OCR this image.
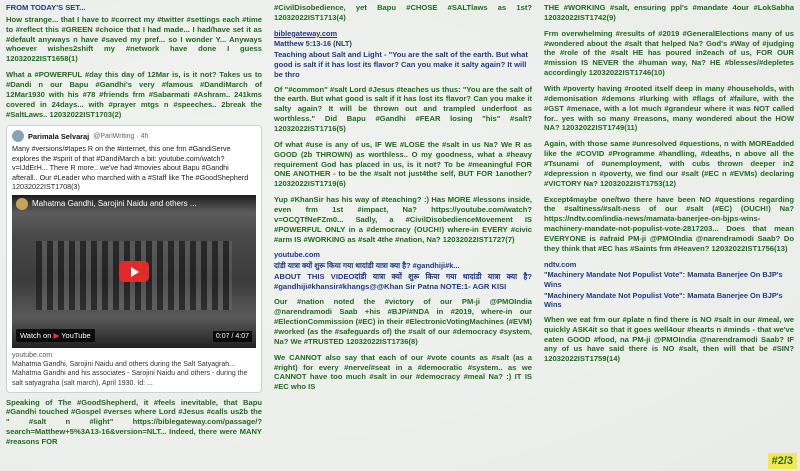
FROM TODAY'S SET...

How strange... that I have to #correct my #twitter #settings each #time to #reflect this #GREEN #choice that I had made... I had/have set it as #default anyways n have #saved my pref... so I wonder Y... Anyways whoever wishes2shift my #network have done I guess 12032022IST1658(1)

What a #POWERFUL #day this day of 12Mar is, is it not? Takes us to #Dandi n our Bapu #Gandhi's very #famous #DandiMarch of 12Mar1930 with his #78 #friends frm #Sabarmati #Ashram.. 241kms covered in 24days... with #prayer mtgs n #speeches.. 2break the #SaltLaws.. 12032022IST1703(2)

Parimala Selvaraj @PariWriting · 4h
Many #versions/#tapes R on the #internet, this one frm #GandiServe explores the #spirit of that #DandiMarch a bit: youtube.com/watch?v=IJdErH... There R more.. we've had #movies about Bapu #Gandhi afterall.. Our #Leader who marched with a #Staff like The #GoodShepherd 12032022IST1708(3)
Mahatma Gandhi, Sarojini Naidu and others ...
Watch on ▶ YouTube	0:07 / 4:07
youtube.com
Mahatma Gandhi, Sarojini Naidu and others during the Salt Satyagrah...
Mahatma Gandhi and his associates - Sarojini Naidu and others - during the salt satyagraha (salt march), April 1930. Id: ...

Speaking of The #GoodShepherd, it #feels inevitable, that Bapu #Gandhi touched #Gospel #verses where Lord #Jesus #calls us2b the " #salt n #light" https://biblegateway.com/passage/?search=Matthew+5%3A13-16&version=NLT... Indeed, there were MANY #reasons FOR

#CivilDisobedience, yet Bapu #CHOSE #SALTlaws as 1st? 12032022IST1713(4)

biblegateway.com
Matthew 5:13-16 (NLT)
Teaching about Salt and Light - "You are the salt of the earth. But what good is salt if it has lost its flavor? Can you make it salty again? It will be thro

Of "#common" #salt Lord #Jesus #teaches us thus: "You are the salt of the earth. But what good is salt if it has lost its flavor? Can you make it salty again? It will be thrown out and trampled underfoot as worthless." Did Bapu #Gandhi #FEAR losing "his" #salt? 12032022IST1716(5)

Of what #use is any of us, IF WE #LOSE the #salt in us Na? We R as GOOD (2b THROWN) as worthless.. O my goodness, what a #heavy requirement God has placed in us, is it not? To be #meaningful FOR ONE ANOTHER - to be the #salt not just4the self, BUT FOR 1another? 12032022IST1719(6)

Yup #KhanSir has his way of #teaching? :) Has MORE #lessons inside, even frm 1st #impact, Na? https://youtube.com/watch?v=OCQTfNeFZm0... Sadly, a #CivilDisobedienceMovement IS #POWERFUL ONLY in a #democracy (OUCH!) where-in EVERY #civic #arm IS #WORKING as #salt 4the #nation, Na? 12032022IST1727(7)

youtube.com
दांडी यात्रा क्यों शुरू किया गया थादांडी यात्रा क्या है? #gandhiji#k...

ABOUT THIS VIDEOदांडी यात्रा क्यों शुरू किया गया थादांडी यात्रा क्या है? #gandhiji#khansir#khangs@@Khan Sir Patna NOTE:1- AGR KISI

Our #nation noted the #victory of our PM-ji @PMOIndia @narendramodi Saab +his #BJP/#NDA in #2019, where-in our #ElectionCommission (#EC) in their #ElectronicVotingMachines (#EVM) #worked (as the #safeguards of) the #salt of our #democracy #system, Na? We #TRUSTED 12032022IST1736(8)

We CANNOT also say that each of our #vote counts as #salt (as a #right) for every #nerve/#seat in a #democratic #system.. as we CANNOT have too much #salt in our #democracy #meal Na? :) IT IS #EC who IS

THE #WORKING #salt, ensuring ppl's #mandate 4our #LokSabha 12032022IST1742(9)

Frm overwhelming #results of #2019 #GeneralElections many of us #wondered about the #salt that helped Na? God's #Way of #judging the #role of the #salt HE has poured in2each of us, FOR OUR #mission IS NEVER the #human way, Na? HE #blesses/#depletes accordingly 12032022IST1746(10)

With #poverty having #rooted itself deep in many #households, with #demonisation #demons #lurking with #flags of #failure, with the #GST #menace, with a lot much #grandeur where it was NOT called for.. yes with so many #reasons, many wondered about the HOW NA? 12032022IST1749(11)

Again, with those same #unresolved #questions, n with MOREadded like the #COVID #Programme #handling, #deaths, n above all the #Tsunami of #unemployment, with cubs thrown deeper in2 #depression n #poverty, we find our #salt (#EC n #EVMs) declaring #VICTORY Na? 12032022IST1753(12)

Except4maybe one/two there have been NO #questions regarding the #saltiness/#salt-ness of our #salt (#EC) (OUCH!) Na? https://ndtv.com/india-news/mamata-banerjee-on-bjps-wins-machinery-mandate-not-populist-vote-2817203... Does that mean EVERYONE is #afraid PM-ji @PMOIndia @narendramodi Saab? Do they think that #EC has #Saints frm #Heaven? 12032022IST1756(13)

ndtv.com
"Machinery Mandate Not Populist Vote": Mamata Banerjee On BJP's Wins
"Machinery Mandate Not Populist Vote": Mamata Banerjee On BJP's Wins

When we eat frm our #plate n find there is NO #salt in our #meal, we quickly ASK4it so that it goes well4our #hearts n #minds - that we've eaten GOOD #food, na PM-ji @PMOIndia @narendramodi Saab? IF any of us have said there is NO #salt, then will that be #SIN? 12032022IST1759(14)

#2/3
